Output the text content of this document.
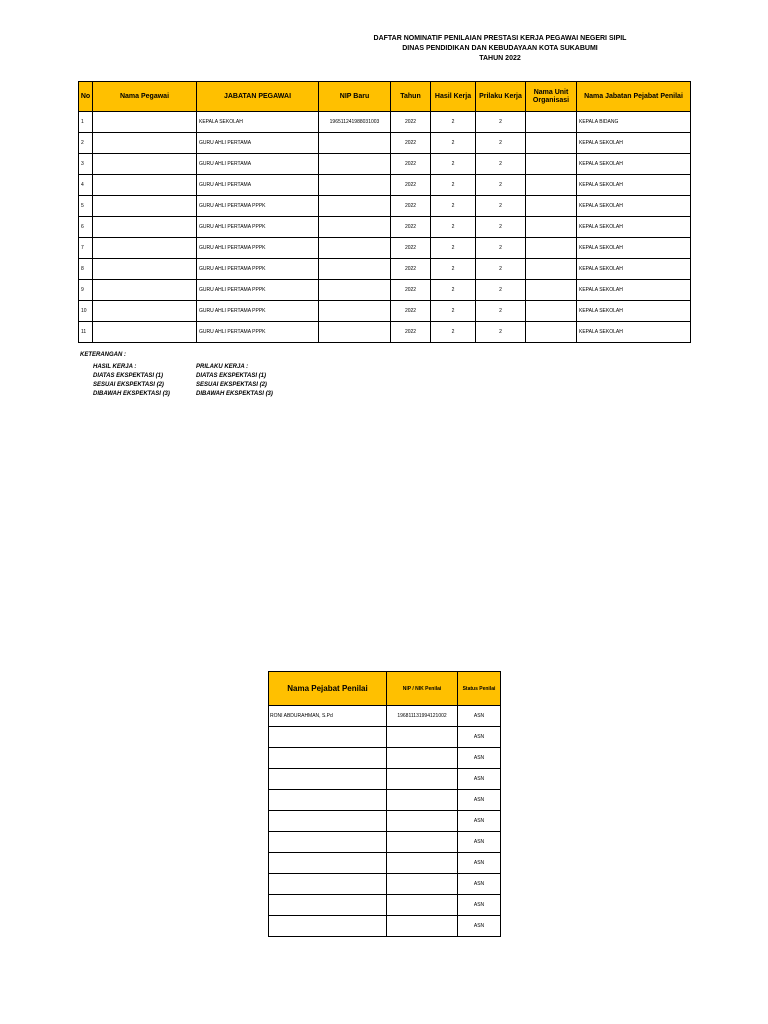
DAFTAR NOMINATIF PENILAIAN PRESTASI KERJA PEGAWAI NEGERI SIPIL
DINAS PENDIDIKAN DAN KEBUDAYAAN KOTA SUKABUMI
TAHUN 2022
No	Nama Pegawai	JABATAN PEGAWAI	NIP Baru	Tahun	Hasil Kerja	Prilaku Kerja	Nama Unit Organisasi	Nama Jabatan Pejabat Penilai
1		KEPALA SEKOLAH	196511241988031003	2022	2	2		KEPALA BIDANG
2		GURU AHLI PERTAMA		2022	2	2		KEPALA SEKOLAH
3		GURU AHLI PERTAMA		2022	2	2		KEPALA SEKOLAH
4		GURU AHLI PERTAMA		2022	2	2		KEPALA SEKOLAH
5		GURU AHLI PERTAMA PPPK		2022	2	2		KEPALA SEKOLAH
6		GURU AHLI PERTAMA PPPK		2022	2	2		KEPALA SEKOLAH
7		GURU AHLI PERTAMA PPPK		2022	2	2		KEPALA SEKOLAH
8		GURU AHLI PERTAMA PPPK		2022	2	2		KEPALA SEKOLAH
9		GURU AHLI PERTAMA PPPK		2022	2	2		KEPALA SEKOLAH
10		GURU AHLI PERTAMA PPPK		2022	2	2		KEPALA SEKOLAH
11		GURU AHLI PERTAMA PPPK		2022	2	2		KEPALA SEKOLAH
KETERANGAN :
HASIL KERJA :
DIATAS EKSPEKTASI (1)
SESUAI EKSPEKTASI (2)
DIBAWAH EKSPEKTASI (3)
PRILAKU KERJA :
DIATAS EKSPEKTASI (1)
SESUAI EKSPEKTASI (2)
DIBAWAH EKSPEKTASI (3)
Nama Pejabat Penilai	NIP / NIK Penilai	Status Penilai
RONI ABDURAHMAN, S.Pd	196811131994121002	ASN
		ASN
		ASN
		ASN
		ASN
		ASN
		ASN
		ASN
		ASN
		ASN
		ASN
